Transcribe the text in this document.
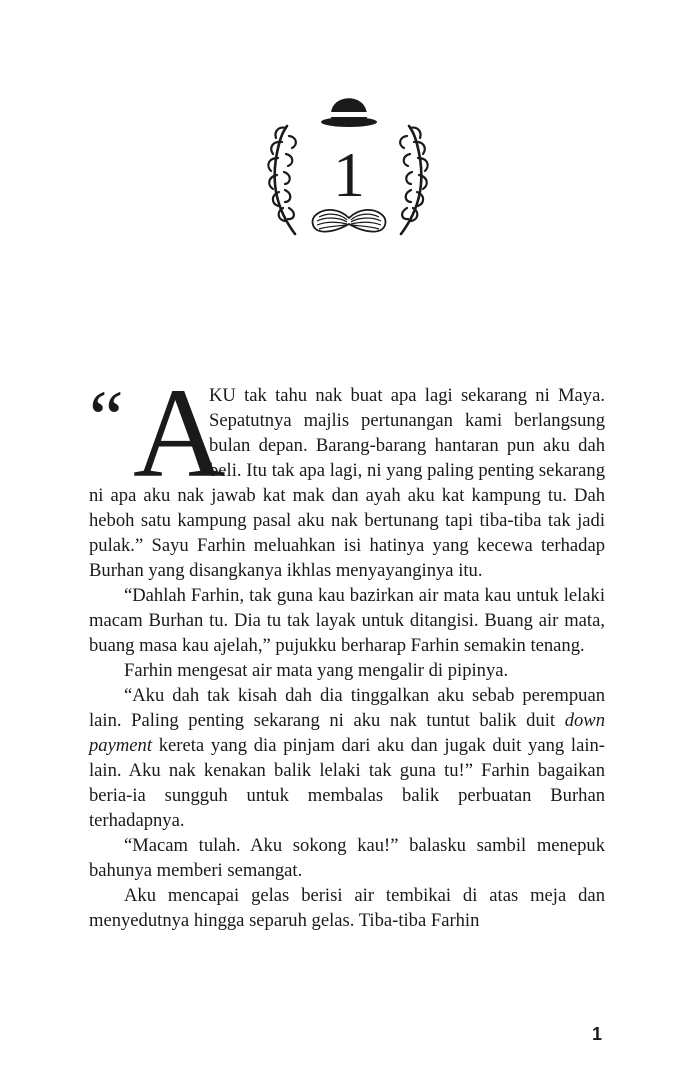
1

“ A
KU tak tahu nak buat apa lagi sekarang ni Maya. Sepatutnya majlis pertunangan kami berlangsung bulan depan. Barang-barang hantaran pun aku dah beli. Itu tak apa lagi, ni yang paling penting sekarang ni apa aku nak jawab kat mak dan ayah aku kat kampung tu. Dah heboh satu kampung pasal aku nak bertunang tapi tiba-tiba tak jadi pulak.” Sayu Farhin meluahkan isi hatinya yang kecewa terhadap Burhan yang disangkanya ikhlas menyayanginya itu.

“Dahlah Farhin, tak guna kau bazirkan air mata kau untuk lelaki macam Burhan tu. Dia tu tak layak untuk ditangisi. Buang air mata, buang masa kau ajelah,” pujukku berharap Farhin semakin tenang.

Farhin mengesat air mata yang mengalir di pipinya.

“Aku dah tak kisah dah dia tinggalkan aku sebab perempuan lain. Paling penting sekarang ni aku nak tuntut balik duit down payment kereta yang dia pinjam dari aku dan jugak duit yang lain-lain. Aku nak kenakan balik lelaki tak guna tu!” Farhin bagaikan beria-ia sungguh untuk membalas balik perbuatan Burhan terhadapnya.

“Macam tulah. Aku sokong kau!” balasku sambil menepuk bahunya memberi semangat.

Aku mencapai gelas berisi air tembikai di atas meja dan menyedutnya hingga separuh gelas. Tiba-tiba Farhin

1
